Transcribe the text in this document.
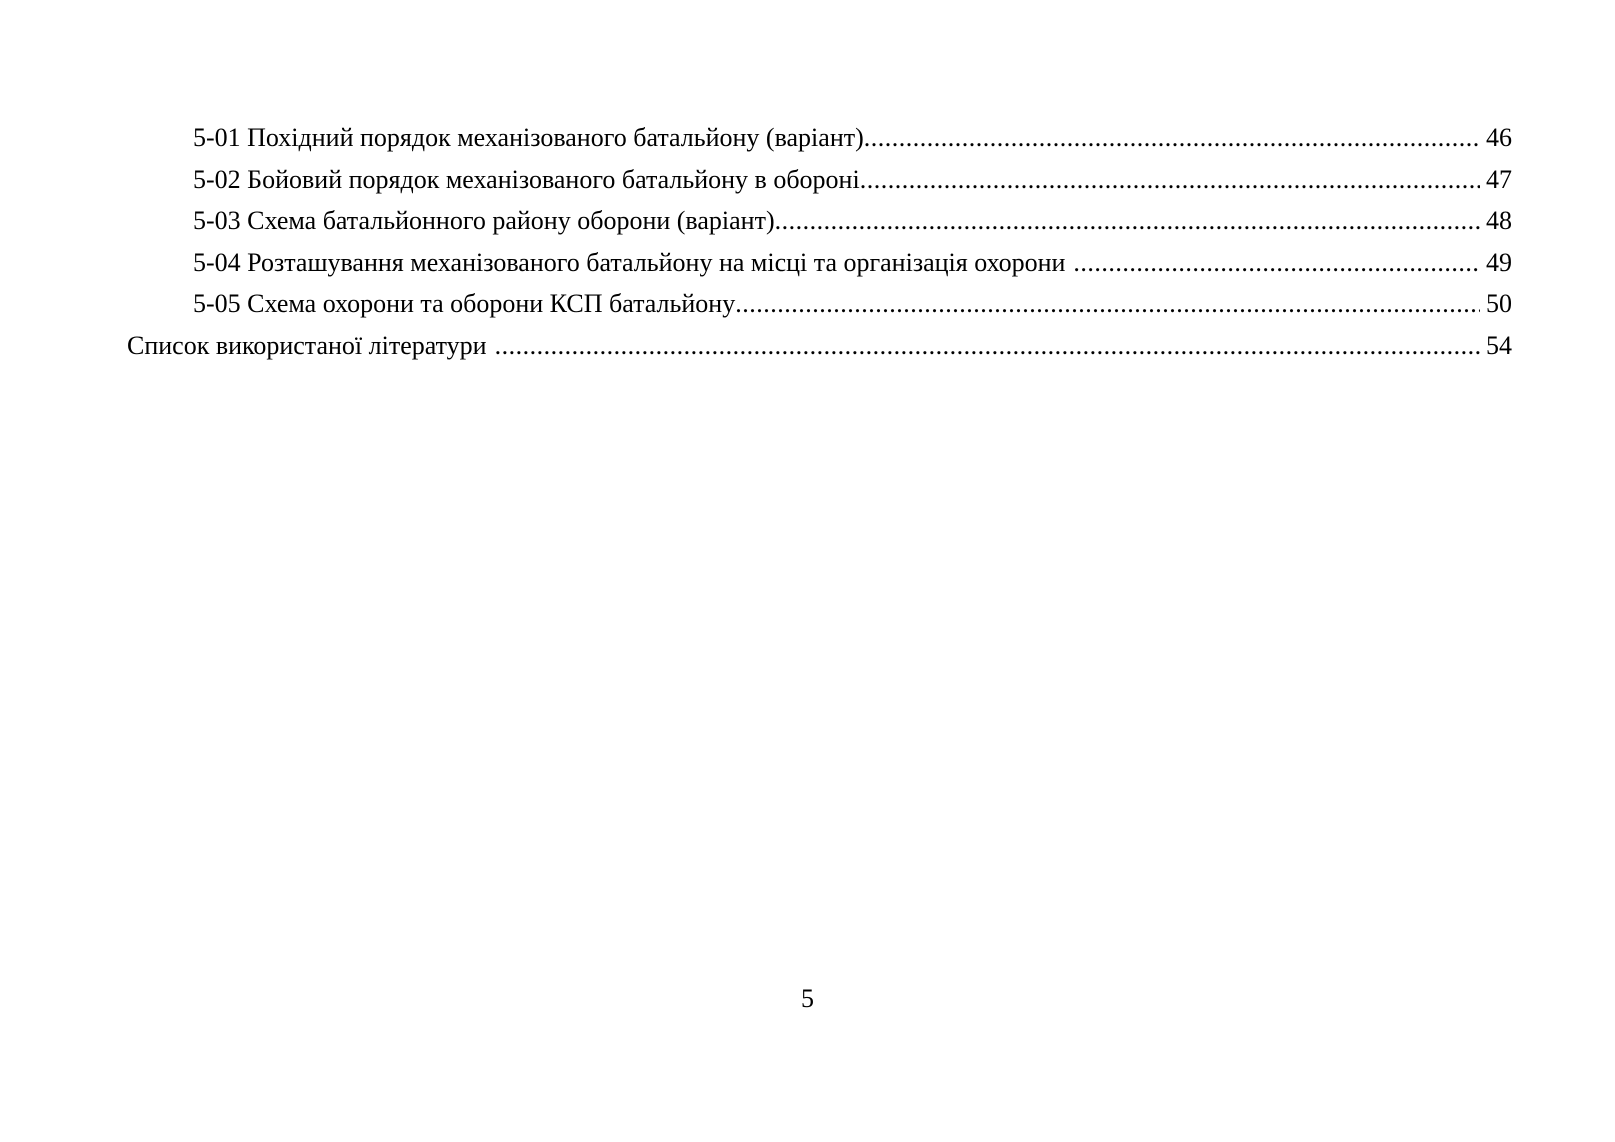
5-01 Похідний порядок механізованого батальйону (варіант) .....	46
5-02 Бойовий порядок механізованого батальйону в обороні .....	47
5-03 Схема батальйонного району оборони (варіант) .....	48
5-04 Розташування механізованого батальйону на місці та організація охорони .....	49
5-05 Схема охорони та оборони КСП батальйону .....	50
Список використаної літератури .....	54
5
